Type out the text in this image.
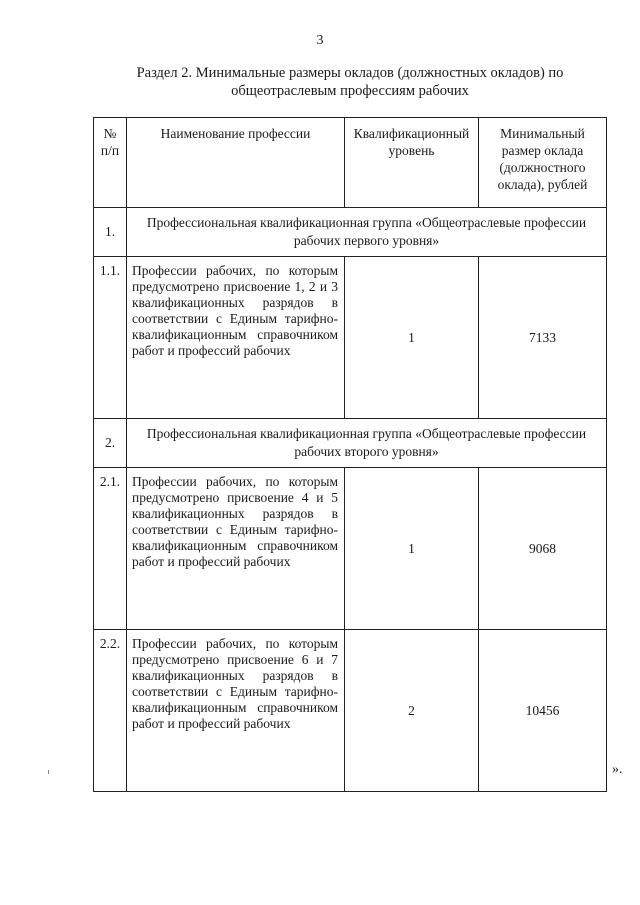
3
Раздел 2. Минимальные размеры окладов (должностных окладов) по
общеотраслевым профессиям рабочих
№ п/п	Наименование профессии	Квалификационный уровень	Минимальный размер оклада (должностного оклада), рублей

1.	Профессиональная квалификационная группа «Общеотраслевые профессии рабочих первого уровня»		
1.1.	Профессии рабочих, по которым предусмотрено присвоение 1, 2 и 3 квалификационных разрядов в соответствии с Единым тарифно-квалификационным справочником работ и профессий рабочих	1	7133
2.	Профессиональная квалификационная группа «Общеотраслевые профессии рабочих второго уровня»		
2.1.	Профессии рабочих, по которым предусмотрено присвоение 4 и 5 квалификационных разрядов в соответствии с Единым тарифно-квалификационным справочником работ и профессий рабочих	1	9068
2.2.	Профессии рабочих, по которым предусмотрено присвоение 6 и 7 квалификационных разрядов в соответствии с Единым тарифно-квалификационным справочником работ и профессий рабочих	2	10456
».
